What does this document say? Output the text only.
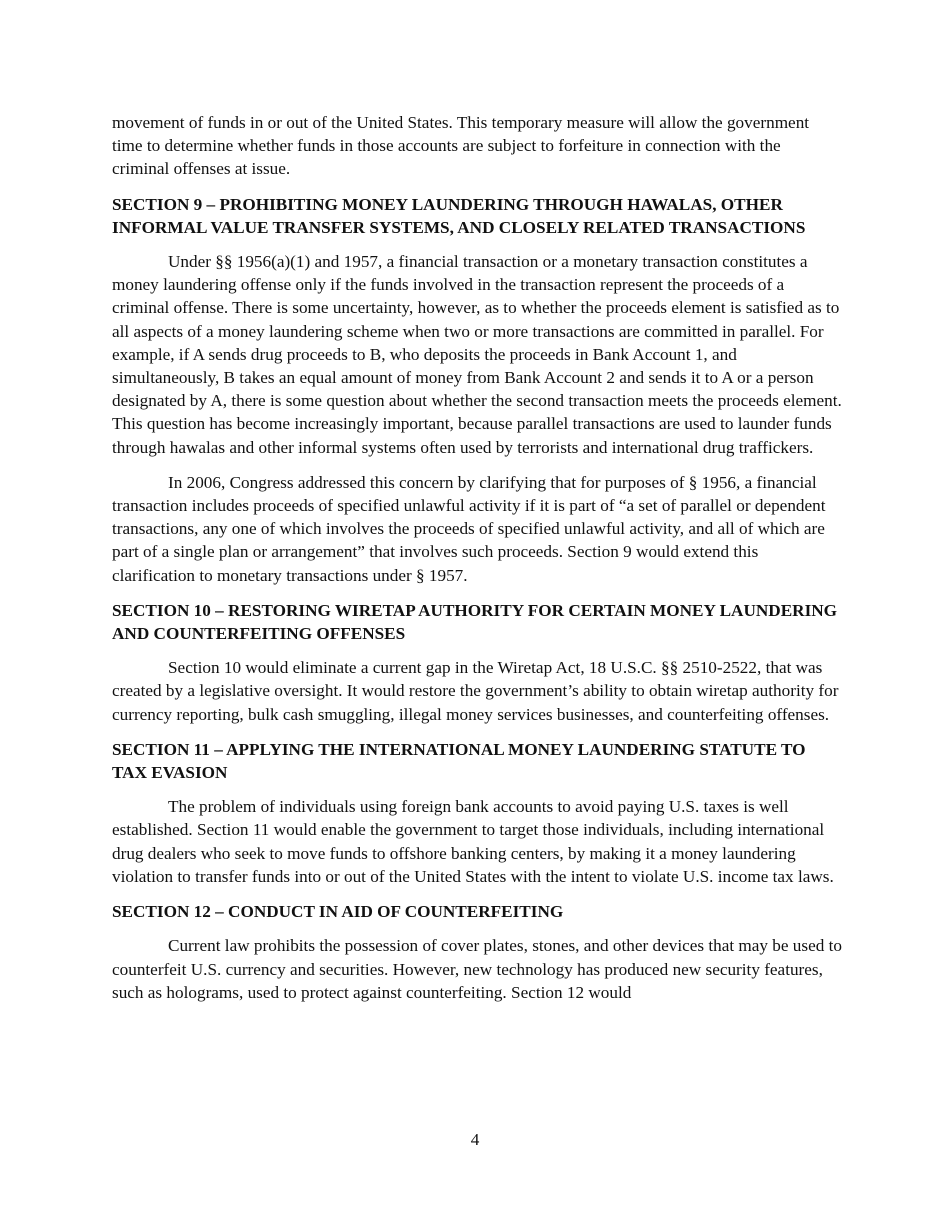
movement of funds in or out of the United States. This temporary measure will allow the government time to determine whether funds in those accounts are subject to forfeiture in connection with the criminal offenses at issue.

SECTION 9 – PROHIBITING MONEY LAUNDERING THROUGH HAWALAS, OTHER INFORMAL VALUE TRANSFER SYSTEMS, AND CLOSELY RELATED TRANSACTIONS

Under §§ 1956(a)(1) and 1957, a financial transaction or a monetary transaction constitutes a money laundering offense only if the funds involved in the transaction represent the proceeds of a criminal offense. There is some uncertainty, however, as to whether the proceeds element is satisfied as to all aspects of a money laundering scheme when two or more transactions are committed in parallel. For example, if A sends drug proceeds to B, who deposits the proceeds in Bank Account 1, and simultaneously, B takes an equal amount of money from Bank Account 2 and sends it to A or a person designated by A, there is some question about whether the second transaction meets the proceeds element. This question has become increasingly important, because parallel transactions are used to launder funds through hawalas and other informal systems often used by terrorists and international drug traffickers.

In 2006, Congress addressed this concern by clarifying that for purposes of § 1956, a financial transaction includes proceeds of specified unlawful activity if it is part of “a set of parallel or dependent transactions, any one of which involves the proceeds of specified unlawful activity, and all of which are part of a single plan or arrangement” that involves such proceeds. Section 9 would extend this clarification to monetary transactions under § 1957.

SECTION 10 – RESTORING WIRETAP AUTHORITY FOR CERTAIN MONEY LAUNDERING AND COUNTERFEITING OFFENSES

Section 10 would eliminate a current gap in the Wiretap Act, 18 U.S.C. §§ 2510-2522, that was created by a legislative oversight. It would restore the government’s ability to obtain wiretap authority for currency reporting, bulk cash smuggling, illegal money services businesses, and counterfeiting offenses.

SECTION 11 – APPLYING THE INTERNATIONAL MONEY LAUNDERING STATUTE TO TAX EVASION

The problem of individuals using foreign bank accounts to avoid paying U.S. taxes is well established. Section 11 would enable the government to target those individuals, including international drug dealers who seek to move funds to offshore banking centers, by making it a money laundering violation to transfer funds into or out of the United States with the intent to violate U.S. income tax laws.

SECTION 12 – CONDUCT IN AID OF COUNTERFEITING

Current law prohibits the possession of cover plates, stones, and other devices that may be used to counterfeit U.S. currency and securities. However, new technology has produced new security features, such as holograms, used to protect against counterfeiting. Section 12 would

4
